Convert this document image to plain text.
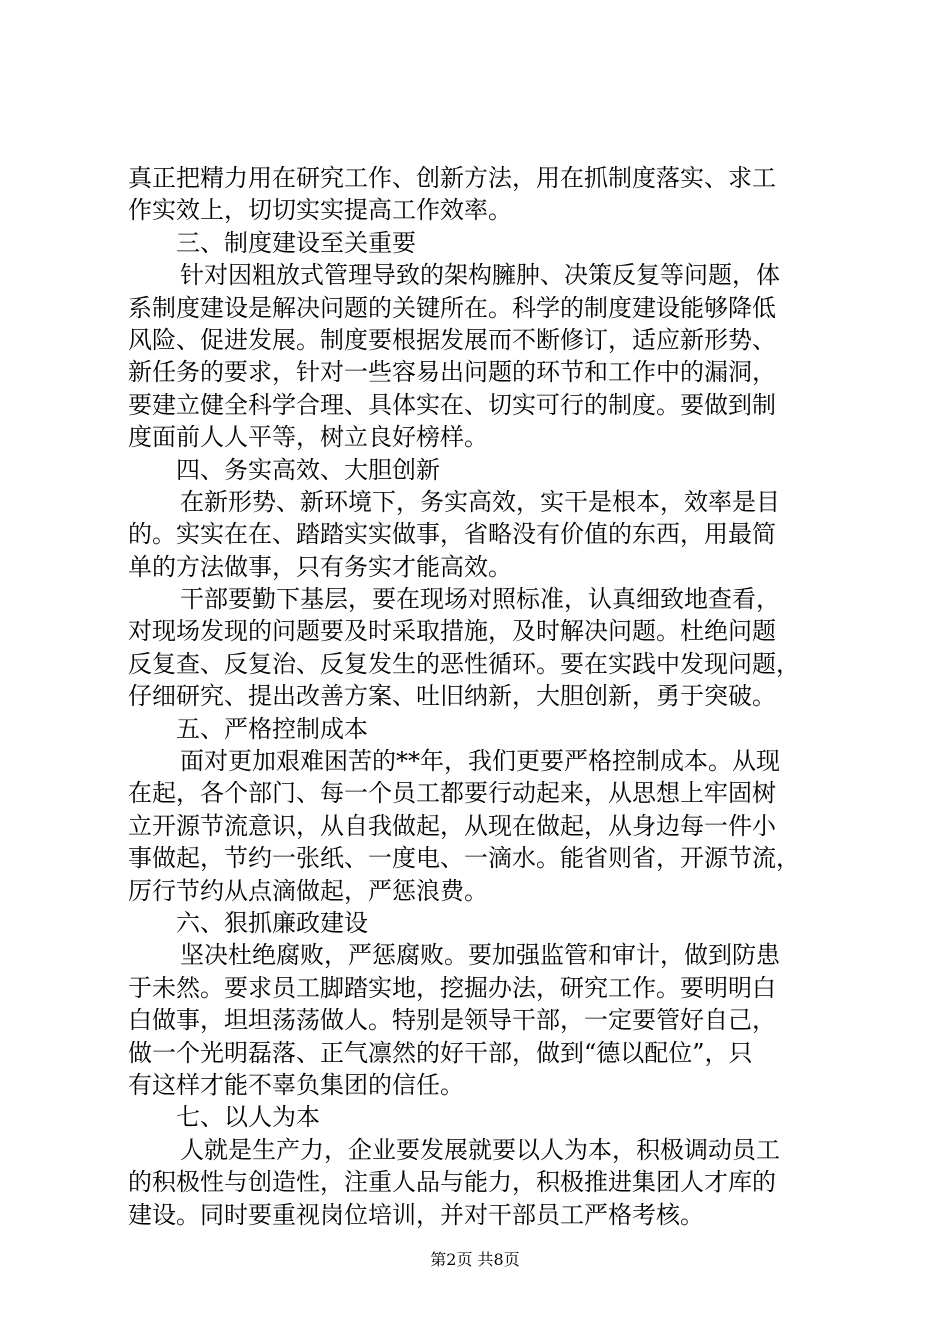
真正把精力用在研究工作、创新方法，用在抓制度落实、求工
作实效上，切切实实提高工作效率。
三、制度建设至关重要
针对因粗放式管理导致的架构臃肿、决策反复等问题，体
系制度建设是解决问题的关键所在。科学的制度建设能够降低
风险、促进发展。制度要根据发展而不断修订，适应新形势、
新任务的要求，针对一些容易出问题的环节和工作中的漏洞，
要建立健全科学合理、具体实在、切实可行的制度。要做到制
度面前人人平等，树立良好榜样。
四、务实高效、大胆创新
在新形势、新环境下，务实高效，实干是根本，效率是目
的。实实在在、踏踏实实做事，省略没有价值的东西，用最简
单的方法做事，只有务实才能高效。
干部要勤下基层，要在现场对照标准，认真细致地查看，
对现场发现的问题要及时采取措施，及时解决问题。杜绝问题
反复查、反复治、反复发生的恶性循环。要在实践中发现问题，
仔细研究、提出改善方案、吐旧纳新，大胆创新，勇于突破。
五、严格控制成本
面对更加艰难困苦的**年，我们更要严格控制成本。从现
在起，各个部门、每一个员工都要行动起来，从思想上牢固树
立开源节流意识，从自我做起，从现在做起，从身边每一件小
事做起，节约一张纸、一度电、一滴水。能省则省，开源节流，
厉行节约从点滴做起，严惩浪费。
六、狠抓廉政建设
坚决杜绝腐败，严惩腐败。要加强监管和审计，做到防患
于未然。要求员工脚踏实地，挖掘办法，研究工作。要明明白
白做事，坦坦荡荡做人。特别是领导干部，一定要管好自己，
做一个光明磊落、正气凛然的好干部，做到“德以配位”，只
有这样才能不辜负集团的信任。
七、以人为本
人就是生产力，企业要发展就要以人为本，积极调动员工
的积极性与创造性，注重人品与能力，积极推进集团人才库的
建设。同时要重视岗位培训，并对干部员工严格考核。
第2页 共8页
